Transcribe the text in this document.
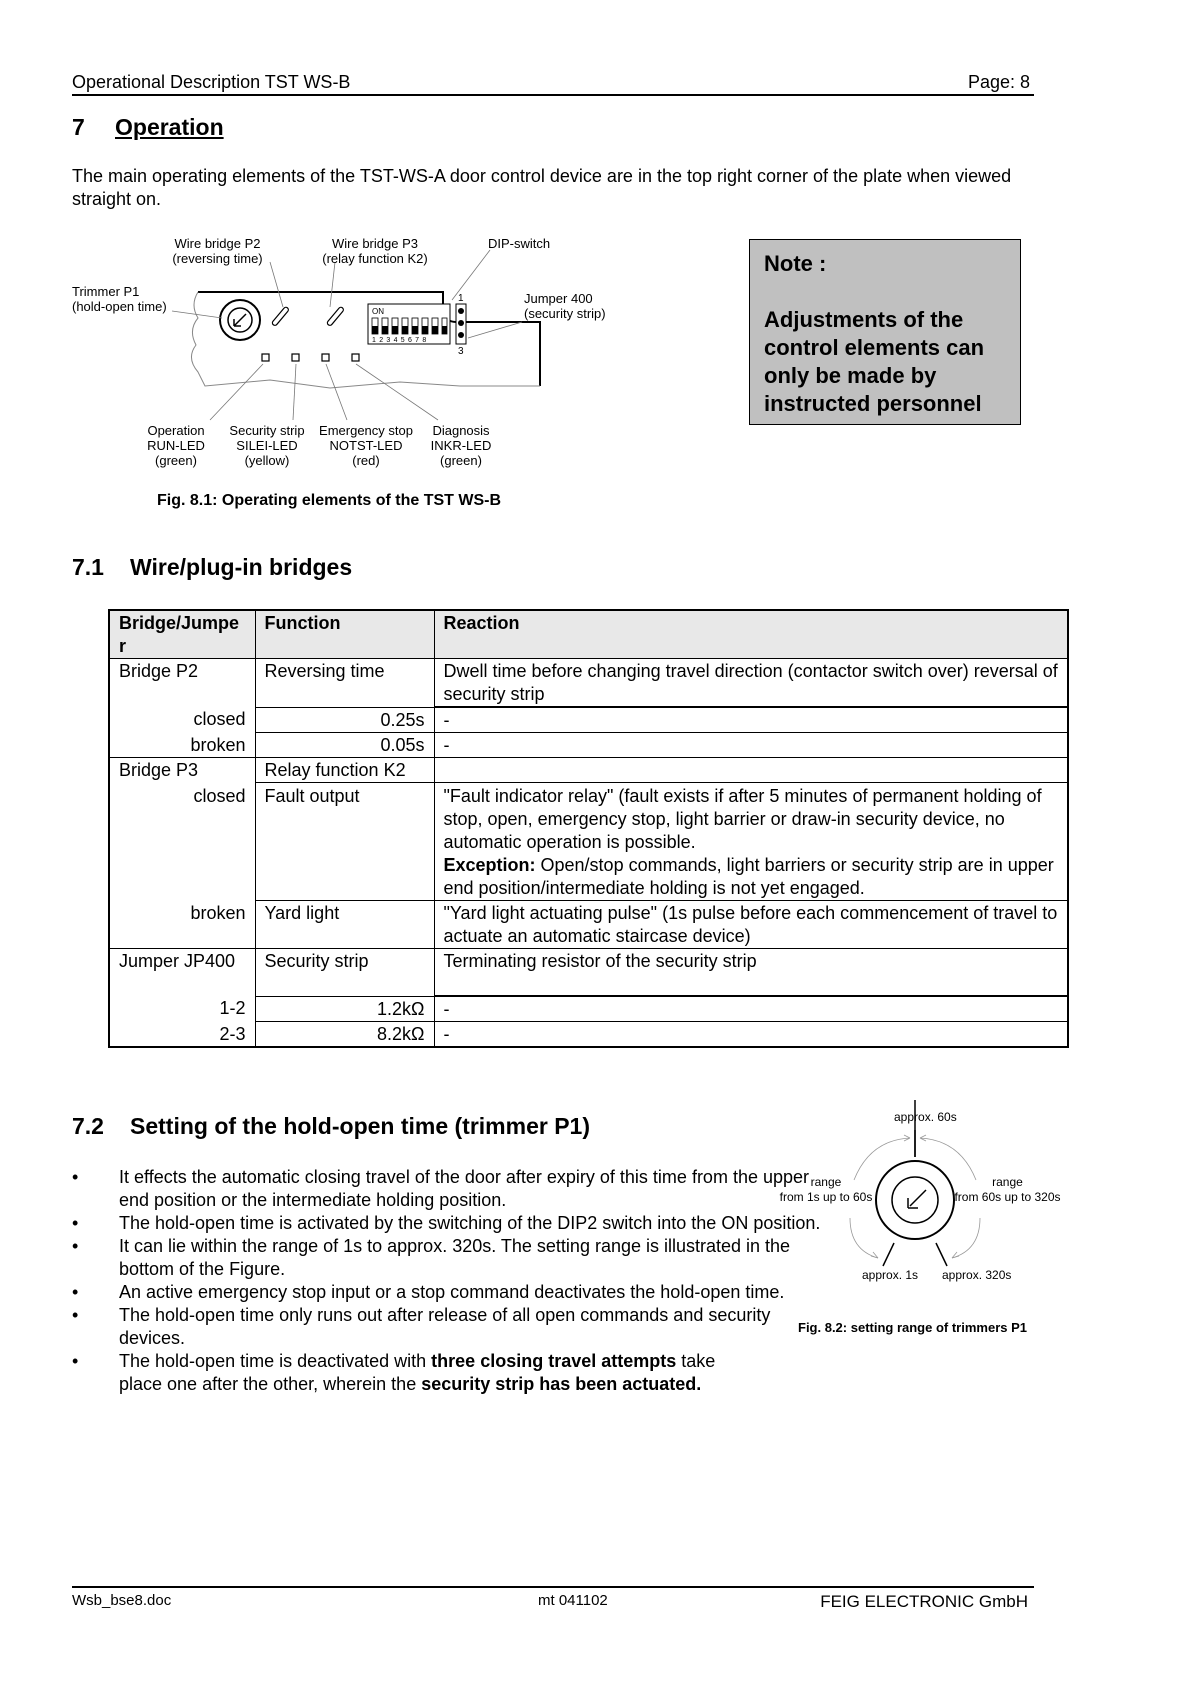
Operational Description TST WS-B	Page: 8
7 Operation
The main operating elements of the TST-WS-A door control device are in the top right corner of the plate when viewed straight on.
ON
12345678
1
3
Wire bridge P2
(reversing time)
Wire bridge P3
(relay function K2)
DIP-switch
Trimmer P1
(hold-open time)
Jumper 400
(security strip)
Operation
RUN-LED
(green)
Security strip
SILEI-LED
(yellow)
Emergency stop
NOTST-LED
(red)
Diagnosis
INKR-LED
(green)
Fig. 8.1: Operating elements of the TST WS-B

Note :

Adjustments of the control elements can only be made by instructed personnel

7.1 Wire/plug-in bridges
Bridge/Jumper	Function	Reaction
Bridge P2	Reversing time	Dwell time before changing travel direction (contactor switch over) reversal of security strip
closed	0.25s	-
broken	0.05s	-
Bridge P3	Relay function K2	
closed	Fault output	"Fault indicator relay" (fault exists if after 5 minutes of permanent holding of stop, open, emergency stop, light barrier or draw-in security device, no automatic operation is possible.
Exception: Open/stop commands, light barriers or security strip are in upper end position/intermediate holding is not yet engaged.
broken	Yard light	"Yard light actuating pulse" (1s pulse before each commencement of travel to actuate an automatic staircase device)
Jumper JP400	Security strip	Terminating resistor of the security strip
1-2	1.2kΩ	-
2-3	8.2kΩ	-
7.2 Setting of the hold-open time (trimmer P1)
• It effects the automatic closing travel of the door after expiry of this time from the upper end position or the intermediate holding position.
• The hold-open time is activated by the switching of the DIP2 switch into the ON position.
• It can lie within the range of 1s to approx. 320s. The setting range is illustrated in the bottom of the Figure.
• An active emergency stop input or a stop command deactivates the hold-open time.
• The hold-open time only runs out after release of all open commands and security devices.
• The hold-open time is deactivated with three closing travel attempts take place one after the other, wherein the security strip has been actuated.
approx. 60s
range
from 1s up to 60s
range
from 60s up to 320s
approx. 1s approx. 320s
Fig. 8.2: setting range of trimmers P1
Wsb_bse8.doc	mt 041102	FEIG ELECTRONIC GmbH
